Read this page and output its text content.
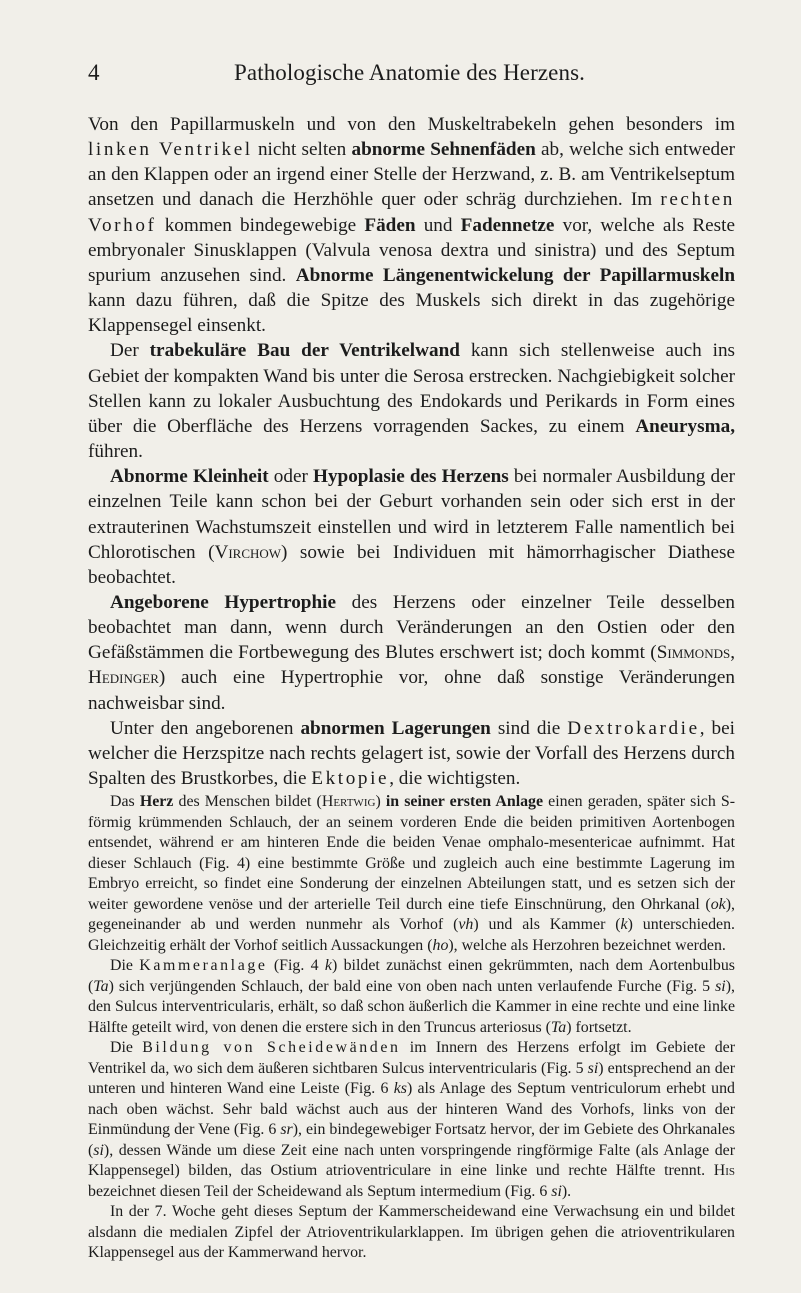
4	Pathologische Anatomie des Herzens.

Von den Papillarmuskeln und von den Muskeltrabekeln gehen besonders im linken Ventrikel nicht selten abnorme Sehnenfäden ab, welche sich entweder an den Klappen oder an irgend einer Stelle der Herzwand, z. B. am Ventrikelseptum ansetzen und danach die Herzhöhle quer oder schräg durchziehen. Im rechten Vorhof kommen bindegewebige Fäden und Fadennetze vor, welche als Reste embryonaler Sinusklappen (Valvula venosa dextra und sinistra) und des Septum spurium anzusehen sind. Abnorme Längenentwickelung der Papillarmuskeln kann dazu führen, daß die Spitze des Muskels sich direkt in das zugehörige Klappensegel einsenkt.

Der trabekuläre Bau der Ventrikelwand kann sich stellenweise auch ins Gebiet der kompakten Wand bis unter die Serosa erstrecken. Nachgiebigkeit solcher Stellen kann zu lokaler Ausbuchtung des Endokards und Perikards in Form eines über die Oberfläche des Herzens vorragenden Sackes, zu einem Aneurysma, führen.

Abnorme Kleinheit oder Hypoplasie des Herzens bei normaler Ausbildung der einzelnen Teile kann schon bei der Geburt vorhanden sein oder sich erst in der extrauterinen Wachstumszeit einstellen und wird in letzterem Falle namentlich bei Chlorotischen (Virchow) sowie bei Individuen mit hämorrhagischer Diathese beobachtet.

Angeborene Hypertrophie des Herzens oder einzelner Teile desselben beobachtet man dann, wenn durch Veränderungen an den Ostien oder den Gefäßstämmen die Fortbewegung des Blutes erschwert ist; doch kommt (Simmonds, Hedinger) auch eine Hypertrophie vor, ohne daß sonstige Veränderungen nachweisbar sind.

Unter den angeborenen abnormen Lagerungen sind die Dextrokardie, bei welcher die Herzspitze nach rechts gelagert ist, sowie der Vorfall des Herzens durch Spalten des Brustkorbes, die Ektopie, die wichtigsten.

Das Herz des Menschen bildet (Hertwig) in seiner ersten Anlage einen geraden, später sich S-förmig krümmenden Schlauch, der an seinem vorderen Ende die beiden primitiven Aortenbogen entsendet, während er am hinteren Ende die beiden Venae omphalo-mesentericae aufnimmt. Hat dieser Schlauch (Fig. 4) eine bestimmte Größe und zugleich auch eine bestimmte Lagerung im Embryo erreicht, so findet eine Sonderung der einzelnen Abteilungen statt, und es setzen sich der weiter gewordene venöse und der arterielle Teil durch eine tiefe Einschnürung, den Ohrkanal (ok), gegeneinander ab und werden nunmehr als Vorhof (vh) und als Kammer (k) unterschieden. Gleichzeitig erhält der Vorhof seitlich Aussackungen (ho), welche als Herzohren bezeichnet werden.

Die Kammeranlage (Fig. 4 k) bildet zunächst einen gekrümmten, nach dem Aortenbulbus (Ta) sich verjüngenden Schlauch, der bald eine von oben nach unten verlaufende Furche (Fig. 5 si), den Sulcus interventricularis, erhält, so daß schon äußerlich die Kammer in eine rechte und eine linke Hälfte geteilt wird, von denen die erstere sich in den Truncus arteriosus (Ta) fortsetzt.

Die Bildung von Scheidewänden im Innern des Herzens erfolgt im Gebiete der Ventrikel da, wo sich dem äußeren sichtbaren Sulcus interventricularis (Fig. 5 si) entsprechend an der unteren und hinteren Wand eine Leiste (Fig. 6 ks) als Anlage des Septum ventriculorum erhebt und nach oben wächst. Sehr bald wächst auch aus der hinteren Wand des Vorhofs, links von der Einmündung der Vene (Fig. 6 sr), ein bindegewebiger Fortsatz hervor, der im Gebiete des Ohrkanales (si), dessen Wände um diese Zeit eine nach unten vorspringende ringförmige Falte (als Anlage der Klappensegel) bilden, das Ostium atrioventriculare in eine linke und rechte Hälfte trennt. His bezeichnet diesen Teil der Scheidewand als Septum intermedium (Fig. 6 si).

In der 7. Woche geht dieses Septum der Kammerscheidewand eine Verwachsung ein und bildet alsdann die medialen Zipfel der Atrioventrikularklappen. Im übrigen gehen die atrioventrikularen Klappensegel aus der Kammerwand hervor.
